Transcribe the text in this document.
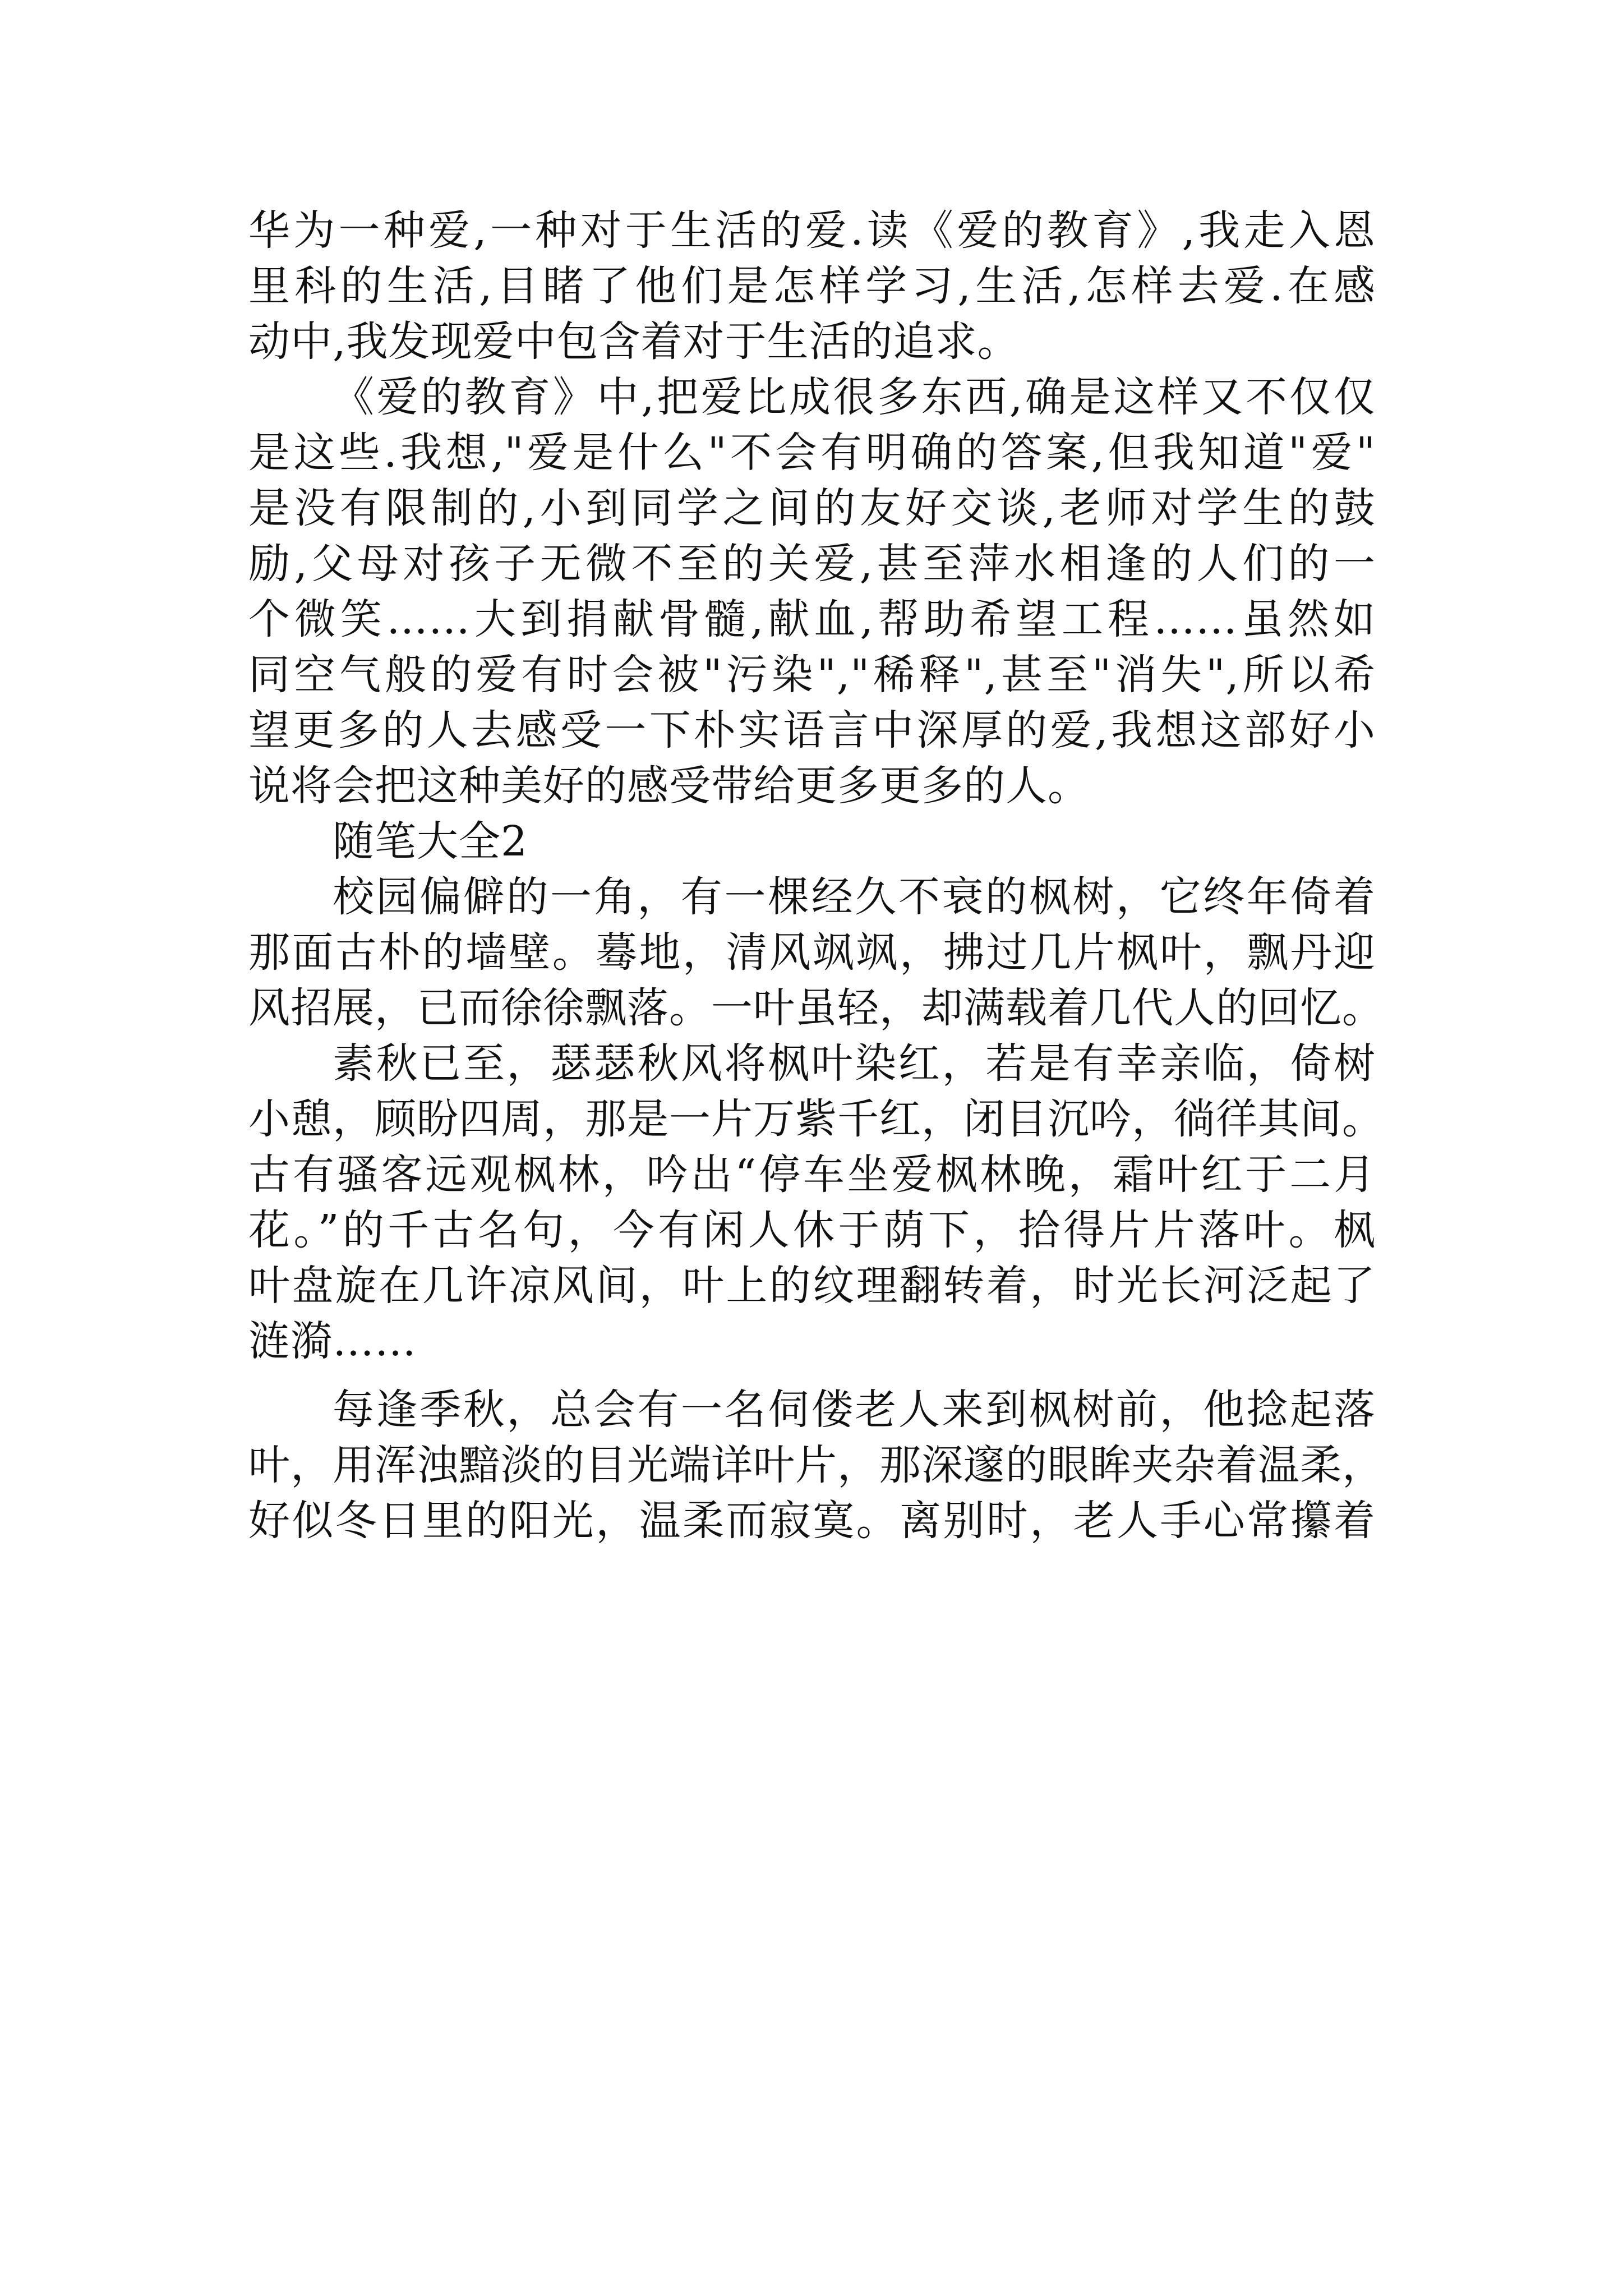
华为一种爱,一种对于生活的爱.读《爱的教育》,我走入恩
里科的生活,目睹了他们是怎样学习,生活,怎样去爱.在感
动中,我发现爱中包含着对于生活的追求。
《爱的教育》中,把爱比成很多东西,确是这样又不仅仅
是这些.我想,"爱是什么"不会有明确的答案,但我知道"爱"
是没有限制的,小到同学之间的友好交谈,老师对学生的鼓
励,父母对孩子无微不至的关爱,甚至萍水相逢的人们的一
个微笑……大到捐献骨髓,献血,帮助希望工程……虽然如
同空气般的爱有时会被"污染","稀释",甚至"消失",所以希
望更多的人去感受一下朴实语言中深厚的爱,我想这部好小
说将会把这种美好的感受带给更多更多的人。
随笔大全2
校园偏僻的一角，有一棵经久不衰的枫树，它终年倚着
那面古朴的墙壁。蓦地，清风飒飒，拂过几片枫叶，飘丹迎
风招展，已而徐徐飘落。一叶虽轻，却满载着几代人的回忆。
素秋已至，瑟瑟秋风将枫叶染红，若是有幸亲临，倚树
小憩，顾盼四周，那是一片万紫千红，闭目沉吟，徜徉其间。
古有骚客远观枫林，吟出“停车坐爱枫林晚，霜叶红于二月
花。”的千古名句，今有闲人休于荫下，拾得片片落叶。枫
叶盘旋在几许凉风间，叶上的纹理翻转着，时光长河泛起了
涟漪……
每逢季秋，总会有一名伺偻老人来到枫树前，他捻起落
叶，用浑浊黯淡的目光端详叶片，那深邃的眼眸夹杂着温柔，
好似冬日里的阳光，温柔而寂寞。离别时，老人手心常攥着
